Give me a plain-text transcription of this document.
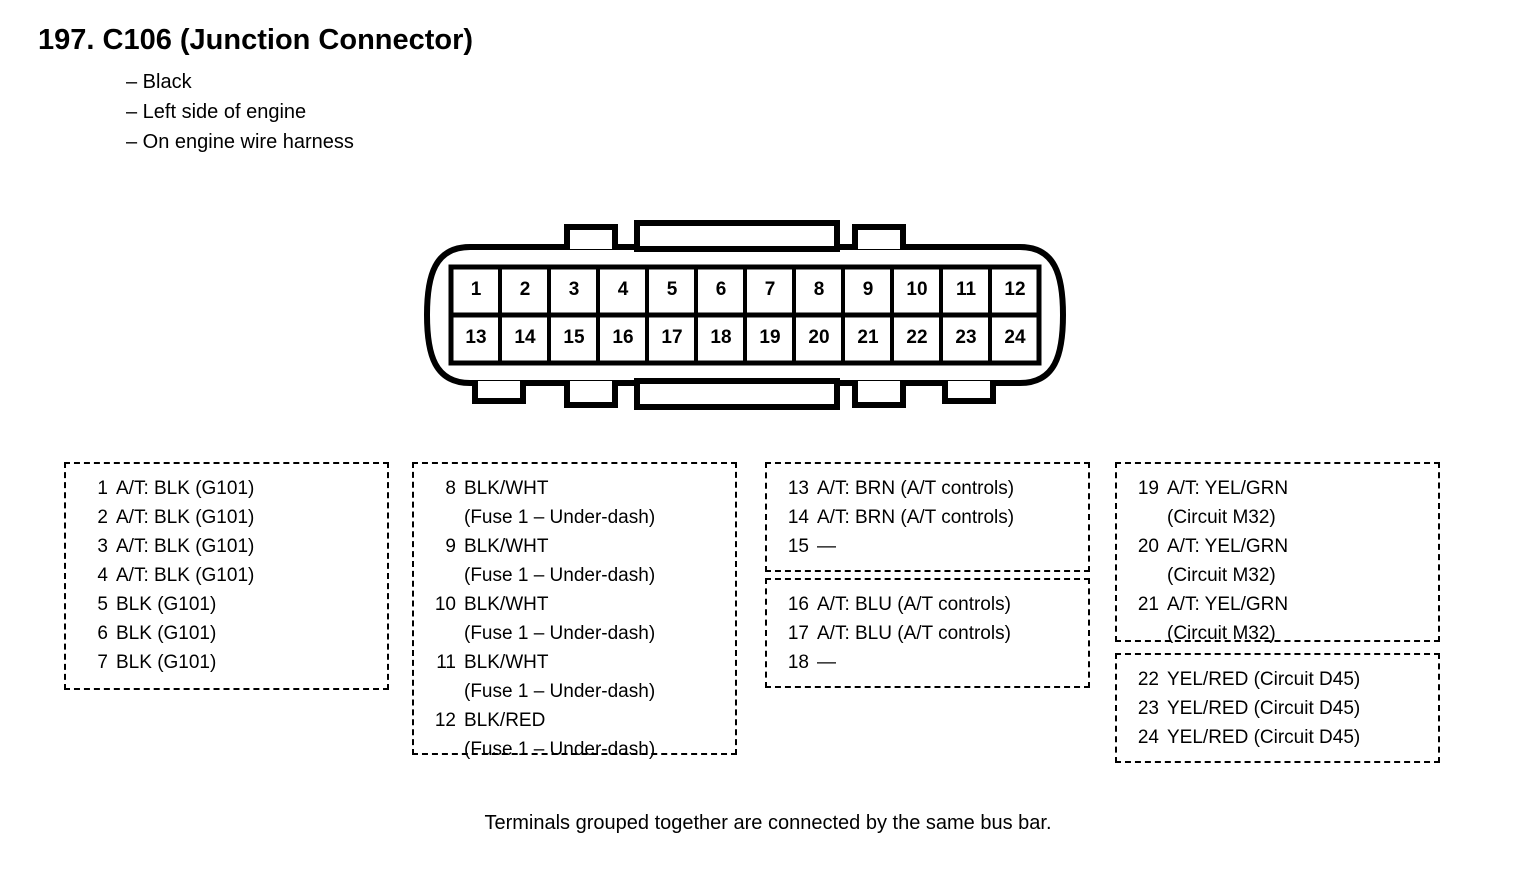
197. C106 (Junction Connector)
– Black
– Left side of engine
– On engine wire harness
1	2	3	4	5	6	7	8	9	10	11	12
13	14	15	16	17	18	19	20	21	22	23	24
1 A/T: BLK (G101)
2 A/T: BLK (G101)
3 A/T: BLK (G101)
4 A/T: BLK (G101)
5 BLK (G101)
6 BLK (G101)
7 BLK (G101)
8 BLK/WHT
(Fuse 1 – Under-dash)
9 BLK/WHT
(Fuse 1 – Under-dash)
10 BLK/WHT
(Fuse 1 – Under-dash)
11 BLK/WHT
(Fuse 1 – Under-dash)
12 BLK/RED
(Fuse 1 – Under-dash)
13 A/T: BRN (A/T controls)
14 A/T: BRN (A/T controls)
15 —
16 A/T: BLU (A/T controls)
17 A/T: BLU (A/T controls)
18 —
19 A/T: YEL/GRN
(Circuit M32)
20 A/T: YEL/GRN
(Circuit M32)
21 A/T: YEL/GRN
(Circuit M32)
22 YEL/RED (Circuit D45)
23 YEL/RED (Circuit D45)
24 YEL/RED (Circuit D45)
Terminals grouped together are connected by the same bus bar.
